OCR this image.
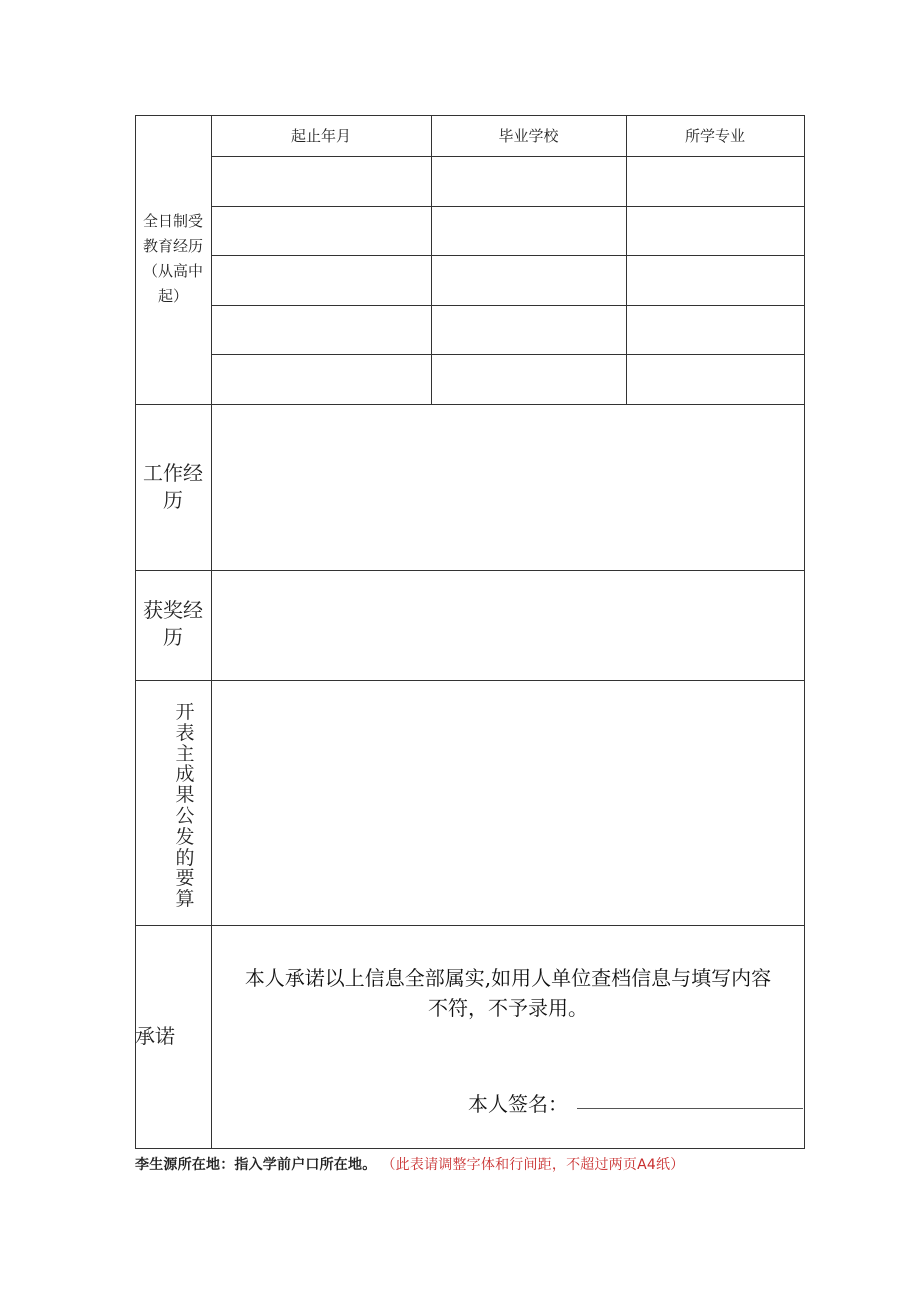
全日制受
教育经历
（从高中
起）
起止年月	毕业学校	所学专业
工作经
历
获奖经
历
开
表
主
成
果
公
发
的
要
算
承诺
本人承诺以上信息全部属实,如用人单位查档信息与填写内容
不符，不予录用。
本人签名：
李生源所在地：指入学前户口所在地。 （此表请调整字体和行间距，不超过两页A4纸）
